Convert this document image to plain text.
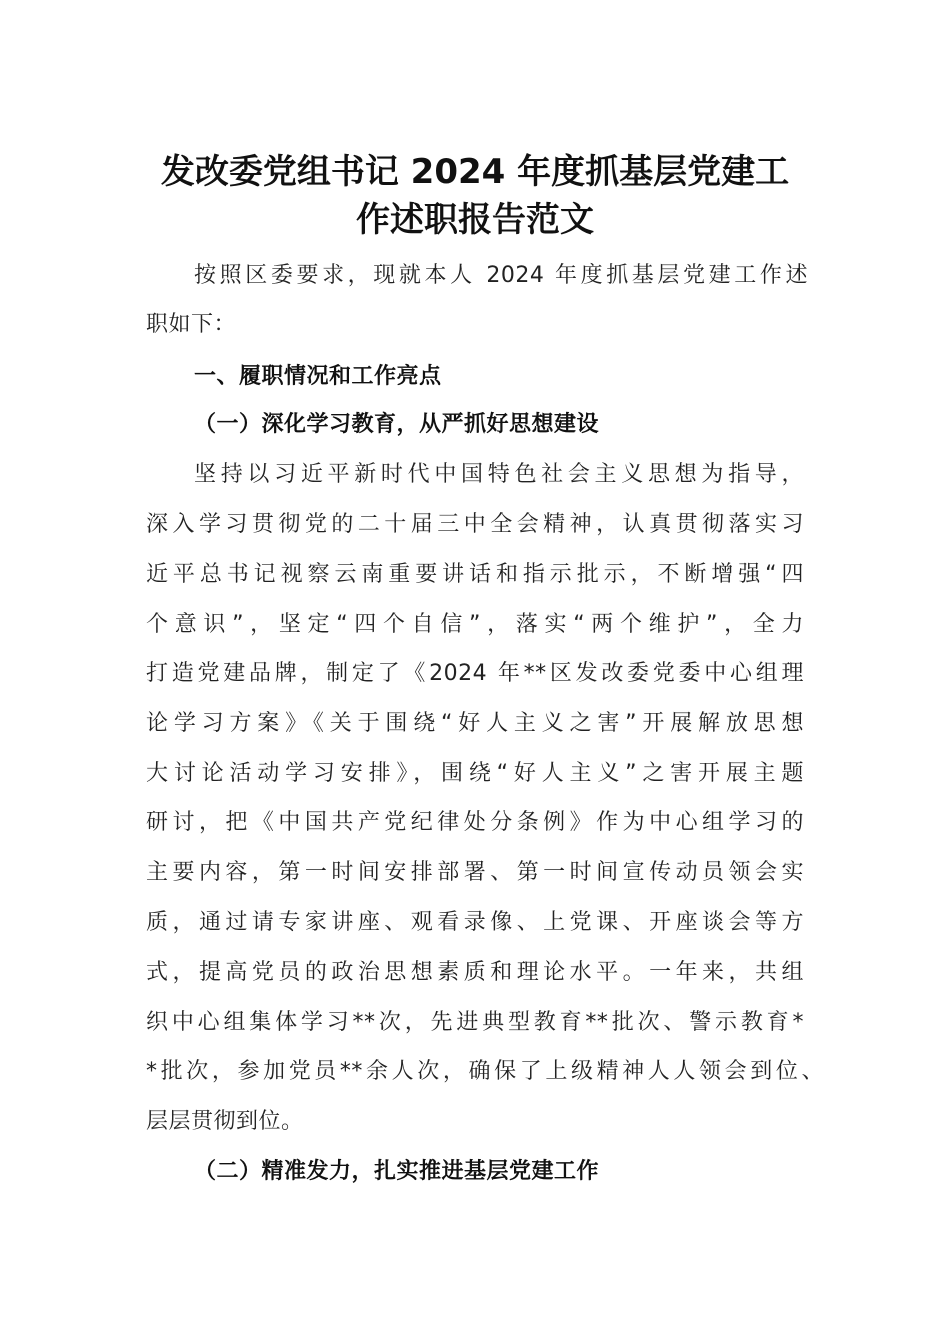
发改委党组书记 2024 年度抓基层党建工
作述职报告范文
按照区委要求，现就本人 2024 年度抓基层党建工作述
职如下：
一、履职情况和工作亮点
（一）深化学习教育，从严抓好思想建设
坚持以习近平新时代中国特色社会主义思想为指导，
深入学习贯彻党的二十届三中全会精神，认真贯彻落实习
近平总书记视察云南重要讲话和指示批示，不断增强“四
个意识”，坚定“四个自信”，落实“两个维护”，全力
打造党建品牌，制定了《2024 年**区发改委党委中心组理
论学习方案》《关于围绕“好人主义之害”开展解放思想
大讨论活动学习安排》，围绕“好人主义”之害开展主题
研讨，把《中国共产党纪律处分条例》作为中心组学习的
主要内容，第一时间安排部署、第一时间宣传动员领会实
质，通过请专家讲座、观看录像、上党课、开座谈会等方
式，提高党员的政治思想素质和理论水平。一年来，共组
织中心组集体学习**次，先进典型教育**批次、警示教育*
*批次，参加党员**余人次，确保了上级精神人人领会到位、
层层贯彻到位。
（二）精准发力，扎实推进基层党建工作
